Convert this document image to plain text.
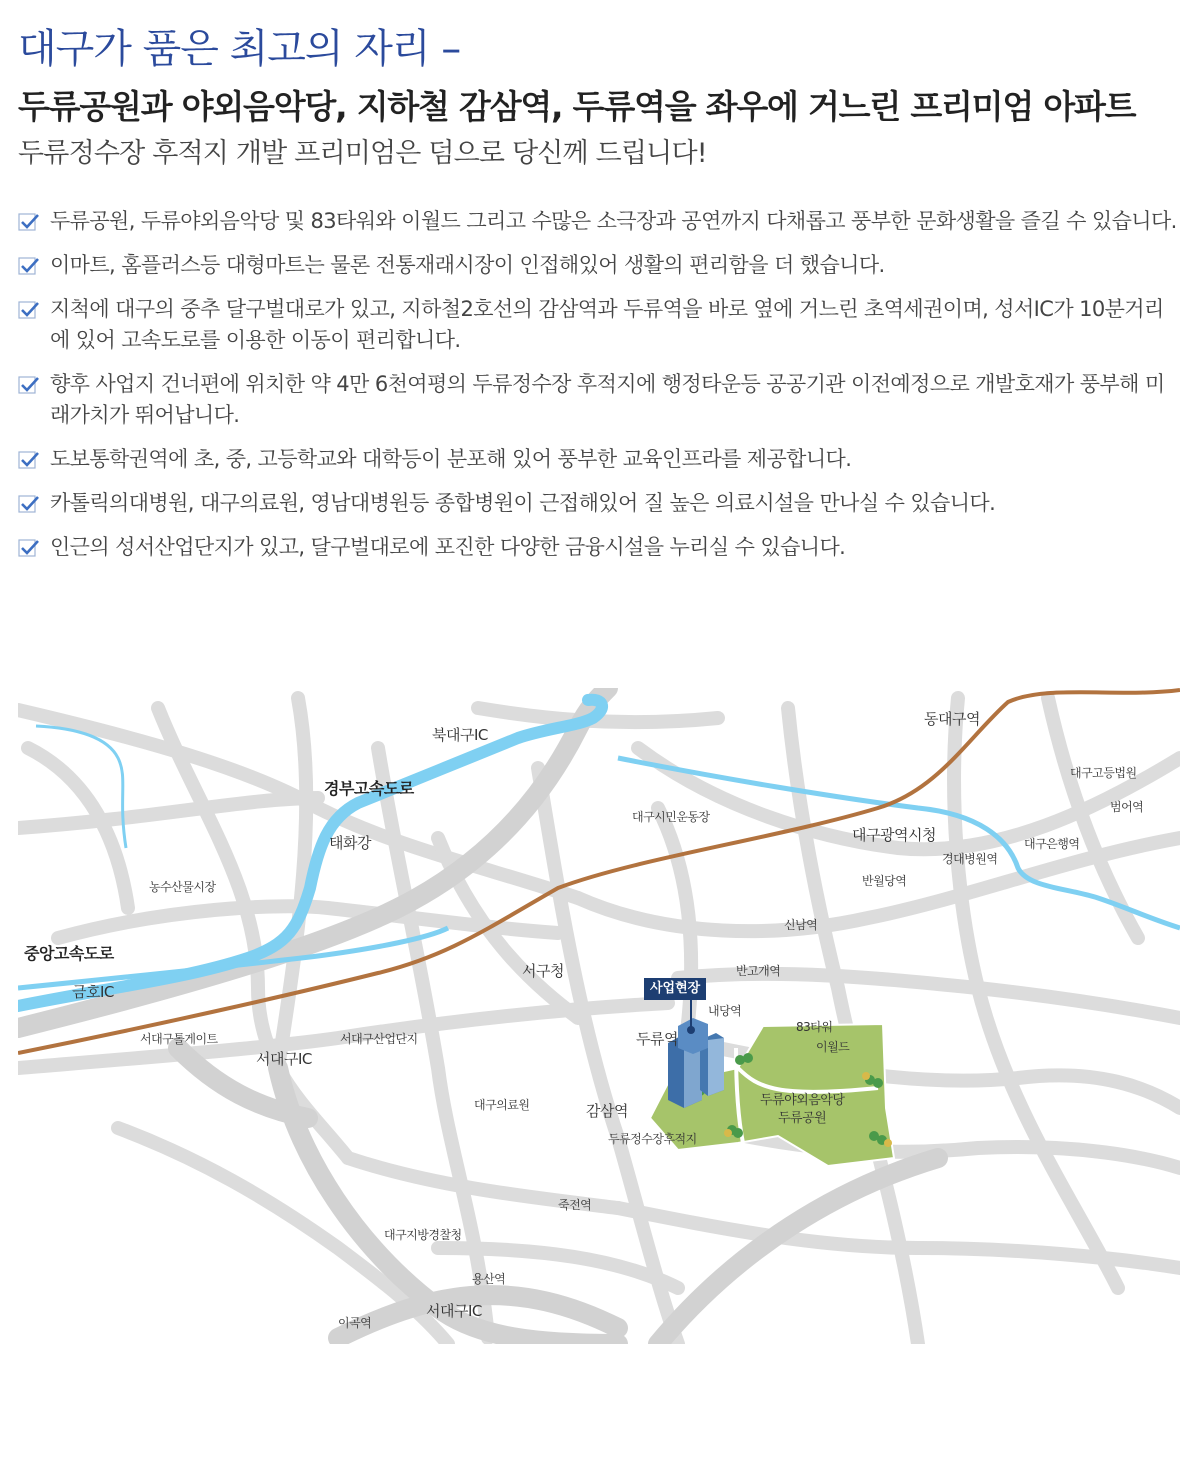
대구가 품은 최고의 자리 –
두류공원과 야외음악당, 지하철 감삼역, 두류역을 좌우에 거느린 프리미엄 아파트
두류정수장 후적지 개발 프리미엄은 덤으로 당신께 드립니다!
두류공원, 두류야외음악당 및 83타워와 이월드 그리고 수많은 소극장과 공연까지 다채롭고 풍부한 문화생활을 즐길 수 있습니다.
이마트, 홈플러스등 대형마트는 물론 전통재래시장이 인접해있어 생활의 편리함을 더 했습니다.
지척에 대구의 중추 달구벌대로가 있고, 지하철2호선의 감삼역과 두류역을 바로 옆에 거느린 초역세권이며, 성서IC가 10분거리에 있어 고속도로를 이용한 이동이 편리합니다.
향후 사업지 건너편에 위치한 약 4만 6천여평의 두류정수장 후적지에 행정타운등 공공기관 이전예정으로 개발호재가 풍부해 미래가치가 뛰어납니다.
도보통학권역에 초, 중, 고등학교와 대학등이 분포해 있어 풍부한 교육인프라를 제공합니다.
카톨릭의대병원, 대구의료원, 영남대병원등 종합병원이 근접해있어 질 높은 의료시설을 만나실 수 있습니다.
인근의 성서산업단지가 있고, 달구벌대로에 포진한 다양한 금융시설을 누리실 수 있습니다.
북대구IC
경부고속도로
태화강
농수산물시장
중앙고속도로
금호IC
동대구역
대구고등법원
범어역
대구시민운동장
대구광역시청	대구은행역
경대병원역
반월당역
신남역
서구청	반고개역
사업현장
내당역
두류역
83타워
이월드
서대구톨게이트	서대구산업단지
서대구IC
대구의료원	감삼역
두류정수장후적지
두류야외음악당
두류공원
죽전역
대구지방경찰청
용산역
서대구IC
이곡역
